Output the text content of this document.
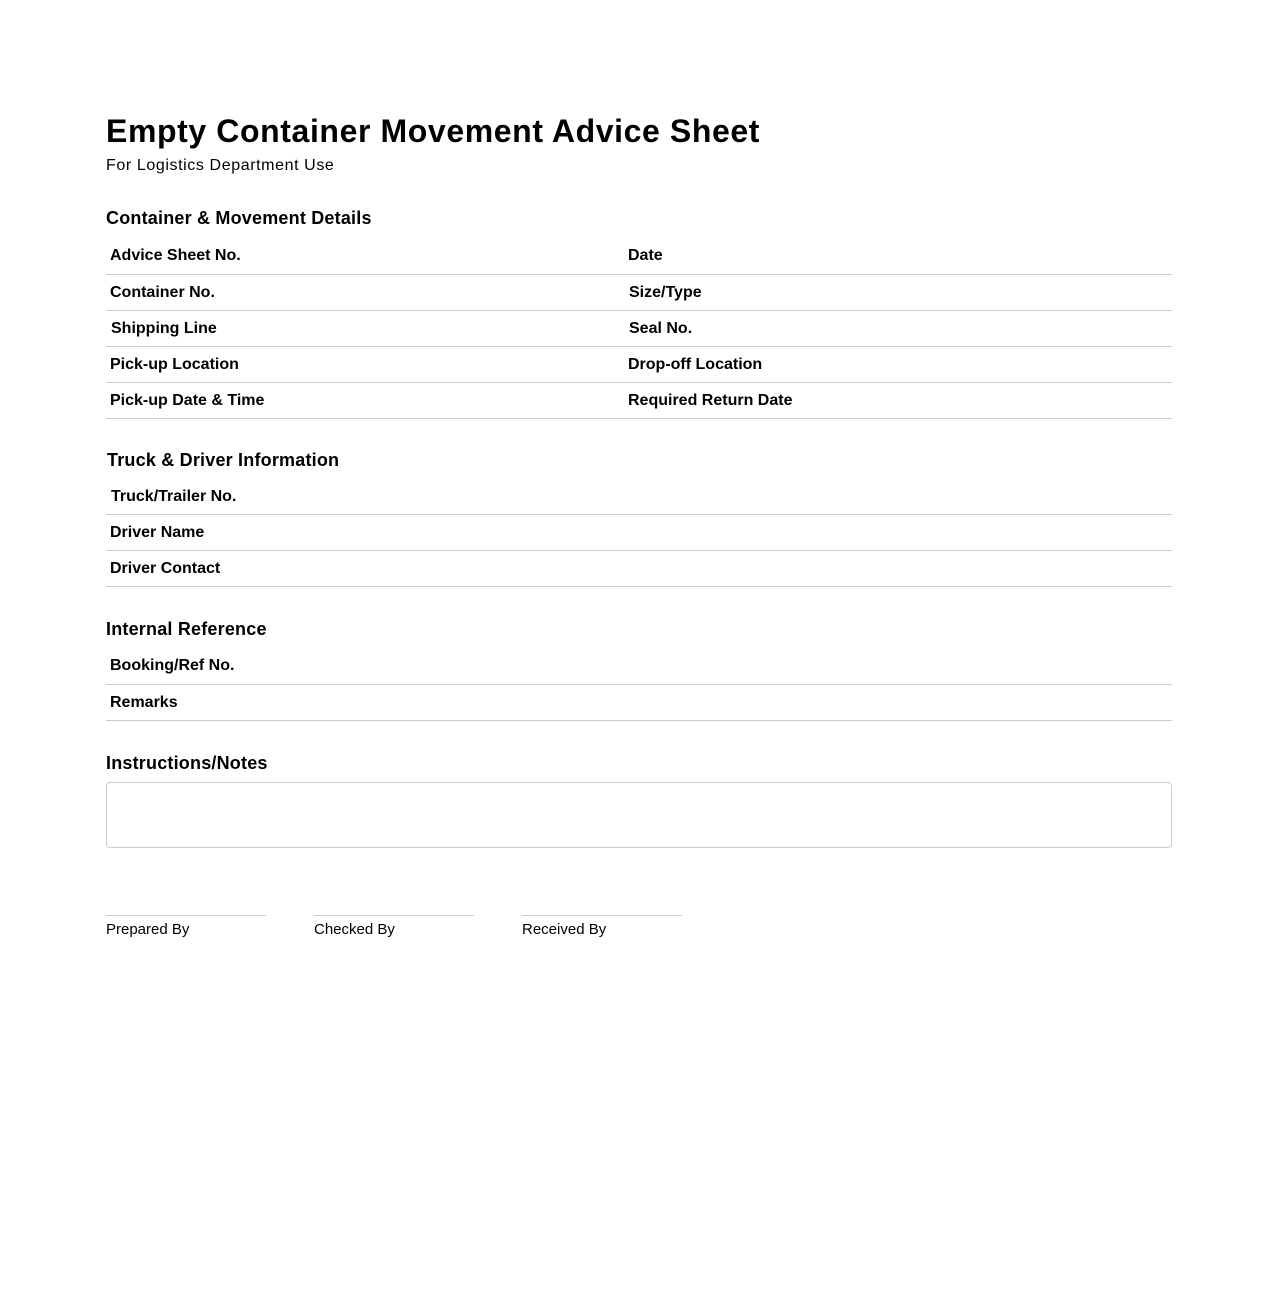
Empty Container Movement Advice Sheet
For Logistics Department Use
Container & Movement Details
Advice Sheet No.	Date
Container No.	Size/Type
Shipping Line	Seal No.
Pick-up Location	Drop-off Location
Pick-up Date & Time	Required Return Date
Truck & Driver Information
Truck/Trailer No.
Driver Name
Driver Contact
Internal Reference
Booking/Ref No.
Remarks
Instructions/Notes
Prepared By	Checked By	Received By
